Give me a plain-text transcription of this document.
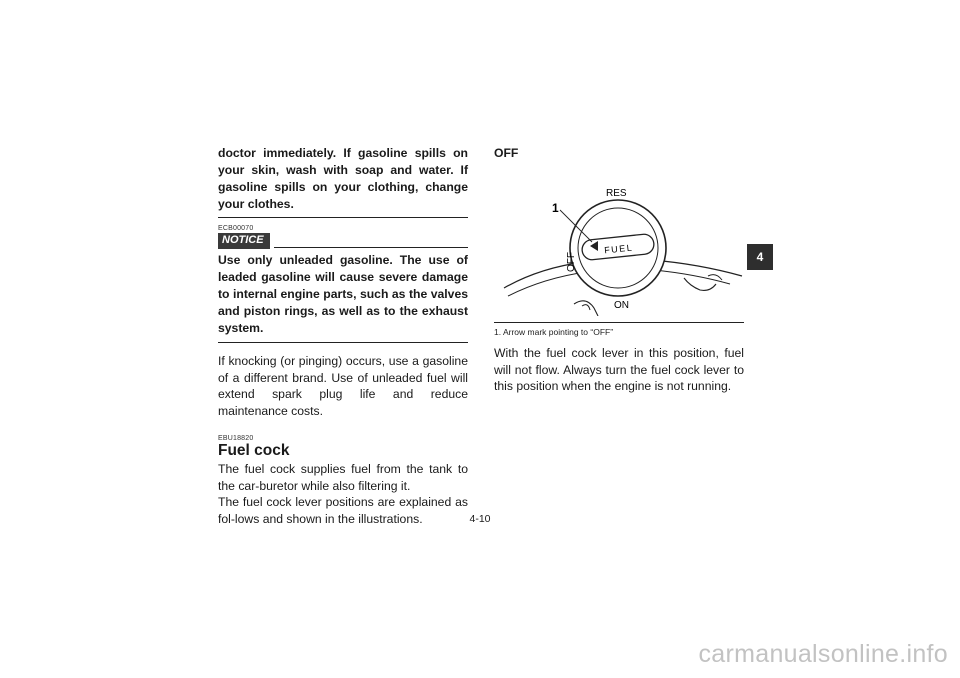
doctor immediately. If gasoline spills on your skin, wash with soap and water. If gasoline spills on your clothing, change your clothes.

ECB00070
NOTICE

Use only unleaded gasoline. The use of leaded gasoline will cause severe damage to internal engine parts, such as the valves and piston rings, as well as to the exhaust system.

If knocking (or pinging) occurs, use a gasoline of a different brand. Use of unleaded fuel will extend spark plug life and reduce maintenance costs.

EBU18820
Fuel cock

The fuel cock supplies fuel from the tank to the car-buretor while also filtering it.

The fuel cock lever positions are explained as fol-lows and shown in the illustrations.

OFF
FUEL
RES
OFF
ON
1
1. Arrow mark pointing to “OFF”

With the fuel cock lever in this position, fuel will not flow. Always turn the fuel cock lever to this position when the engine is not running.

4
4-10
carmanualsonline.info
